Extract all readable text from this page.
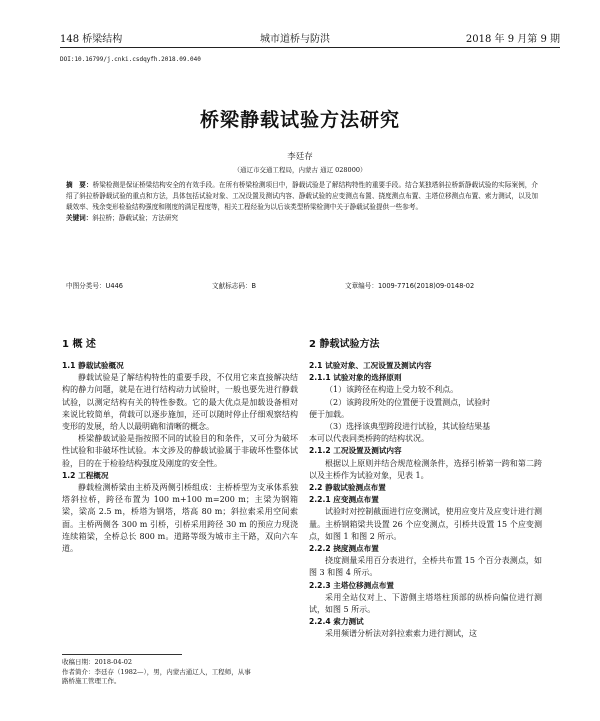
148 桥梁结构	城市道桥与防洪	2018 年 9 月第 9 期
DOI:10.16799/j.cnki.csdqyfh.2018.09.040
桥梁静载试验方法研究
李廷存
（通辽市交通工程局，内蒙古 通辽 028000）
摘　要：桥梁检测是保证桥梁结构安全的有效手段。在所有桥梁检测项目中，静载试验是了解结构特性的重要手段。结合某独塔斜拉桥新静载试验的实际案例，介绍了斜拉桥静载试验的重点和方法，具体包括试验对象、工况设置及测试内容、静载试验的应变测点布置、挠度测点布置、主塔位移测点布置、索力测试，以及加载效率、残余变形检验结构强度和刚度的满足程度等，相关工程经验为以后该类型桥梁检测中关于静载试验提供一些参考。
关键词：斜拉桥；静载试验；方法研究
中图分类号：U446	文献标志码：B	文章编号：1009-7716(2018)09-0148-02
1 概 述
1.1 静载试验概况
静载试验是了解结构特性的重要手段，不仅用它来直接解决结构的静力问题，就是在进行结构动力试验时，一般也要先进行静载试验，以测定结构有关的特性参数。它的最大优点是加载设备相对来说比较简单，荷载可以逐步施加，还可以随时停止仔细观察结构变形的发展，给人以最明确和清晰的概念。
桥梁静载试验是指按照不同的试验目的和条件，又可分为破坏性试验和非破坏性试验。本文涉及的静载试验属于非破坏性整体试验，目的在于检验结构强度及刚度的安全性。
1.2 工程概况
静载检测桥梁由主桥及两侧引桥组成：主桥桥型为支承体系独塔斜拉桥，跨径布置为 100 m+100 m=200 m；主梁为钢箱梁，梁高 2.5 m，桥塔为钢塔，塔高 80 m；斜拉索采用空间索面。主桥两侧各 300 m 引桥，引桥采用跨径 30 m 的预应力现浇连续箱梁，全桥总长 800 m。道路等级为城市主干路，双向六车道。
2 静载试验方法
2.1 试验对象、工况设置及测试内容
2.1.1 试验对象的选择原则
（1）该跨径在构造上受力较不利点。
（2）该跨段所处的位置便于设置测点，试验时
便于加载。
（3）选择该典型跨段进行试验，其试验结果基
本可以代表同类桥跨的结构状况。
2.1.2 工况设置及测试内容
根据以上原则并结合规范检测条件，选择引桥第一跨和第二跨以及主桥作为试验对象，见表 1。
2.2 静载试验测点布置
2.2.1 应变测点布置
试验时对控制截面进行应变测试，使用应变片及应变计进行测量。主桥钢箱梁共设置 26 个应变测点，引桥共设置 15 个应变测点，如图 1 和图 2 所示。
2.2.2 挠度测点布置
挠度测量采用百分表进行，全桥共布置 15 个百分表测点，如图 3 和图 4 所示。
2.2.3 主塔位移测点布置
采用全站仪对上、下游側主塔塔柱顶部的纵桥向偏位进行测试，如图 5 所示。
2.2.4 索力测试
采用频谱分析法对斜拉索索力进行测试，这
收稿日期：2018-04-02
作者简介：李廷存（1982—），男，内蒙古通辽人，工程师，从事
路桥施工管理工作。
